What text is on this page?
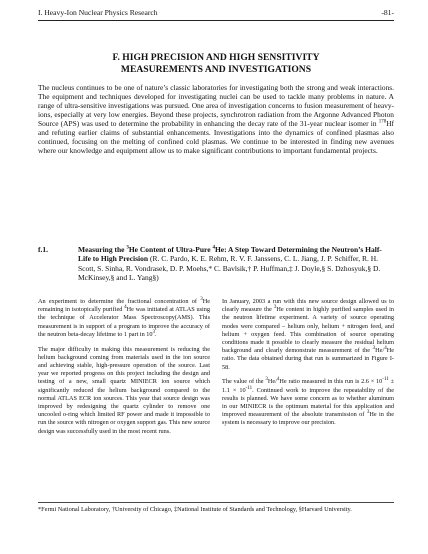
I. Heavy-Ion Nuclear Physics Research	-81-
F. HIGH PRECISION AND HIGH SENSITIVITY
MEASUREMENTS AND INVESTIGATIONS

The nucleus continues to be one of nature’s classic laboratories for investigating both the strong and weak interactions. The equipment and techniques developed for investigating nuclei can be used to tackle many problems in nature. A range of ultra-sensitive investigations was pursued. One area of investigation concerns to fusion measurement of heavy-ions, especially at very low energies. Beyond these projects, synchrotron radiation from the Argonne Advanced Photon Source (APS) was used to determine the probability in enhancing the decay rate of the 31-year nuclear isomer in $^{178}$Hf and refuting earlier claims of substantial enhancements. Investigations into the dynamics of confined plasmas also continued, focusing on the melting of confined cold plasmas. We continue to be interested in finding new avenues where our knowledge and equipment allow us to make significant contributions to important fundamental projects.

f.1.	Measuring the $^3$He Content of Ultra-Pure $^4$He: A Step Toward Determining the Neutron’s Half-Life to High Precision (R. C. Pardo, K. E. Rehm, R. V. F. Janssens, C. L. Jiang, J. P. Schiffer, R. H. Scott, S. Sinha, R. Vondrasek, D. P. Moehs,* C. Bavlsik,† P. Huffman,‡ J. Doyle,§ S. Dzhosyuk,§ D. McKinsey,§ and L. Yang§)

An experiment to determine the fractional concentration of $^3$He remaining in isotopically purified $^4$He was initiated at ATLAS using the technique of Accelerator Mass Spectroscopy(AMS). This measurement is in support of a program to improve the accuracy of the neutron beta-decay lifetime to 1 part in $10^3$.

The major difficulty in making this measurement is reducing the helium background coming from materials used in the ion source and achieving stable, high-pressure operation of the source. Last year we reported progress on this project including the design and testing of a new, small quartz MINIECR ion source which significantly reduced the helium background compared to the normal ATLAS ECR ion sources. This year that source design was improved by redesigning the quartz cylinder to remove one uncooled o-ring which limited RF power and made it impossible to run the source with nitrogen or oxygen support gas. This new source design was successfully used in the most recent runs.

In January, 2003 a run with this new source design allowed us to clearly measure the $^3$He content in highly purified samples used in the neutron lifetime experiment. A variety of source operating modes were compared – helium only, helium + nitrogen feed, and helium + oxygen feed. This combination of source operating conditions made it possible to clearly measure the residual helium background and clearly demonstrate measurement of the $^3$He/$^4$He ratio. The data obtained during that run is summarized in Figure I-58.

The value of the $^3$He/$^4$He ratio measured in this run is $2.6 \times 10^{-11} \pm 1.1 \times 10^{-11}$. Continued work to improve the repeatability of the results is planned. We have some concern as to whether aluminum in our MINIECR is the optimum material for this application and improved measurement of the absolute transmission of $^3$He in the system is necessary to improve our precision.

*Fermi National Laboratory, †University of Chicago, ‡National Institute of Standards and Technology, §Harvard University.
